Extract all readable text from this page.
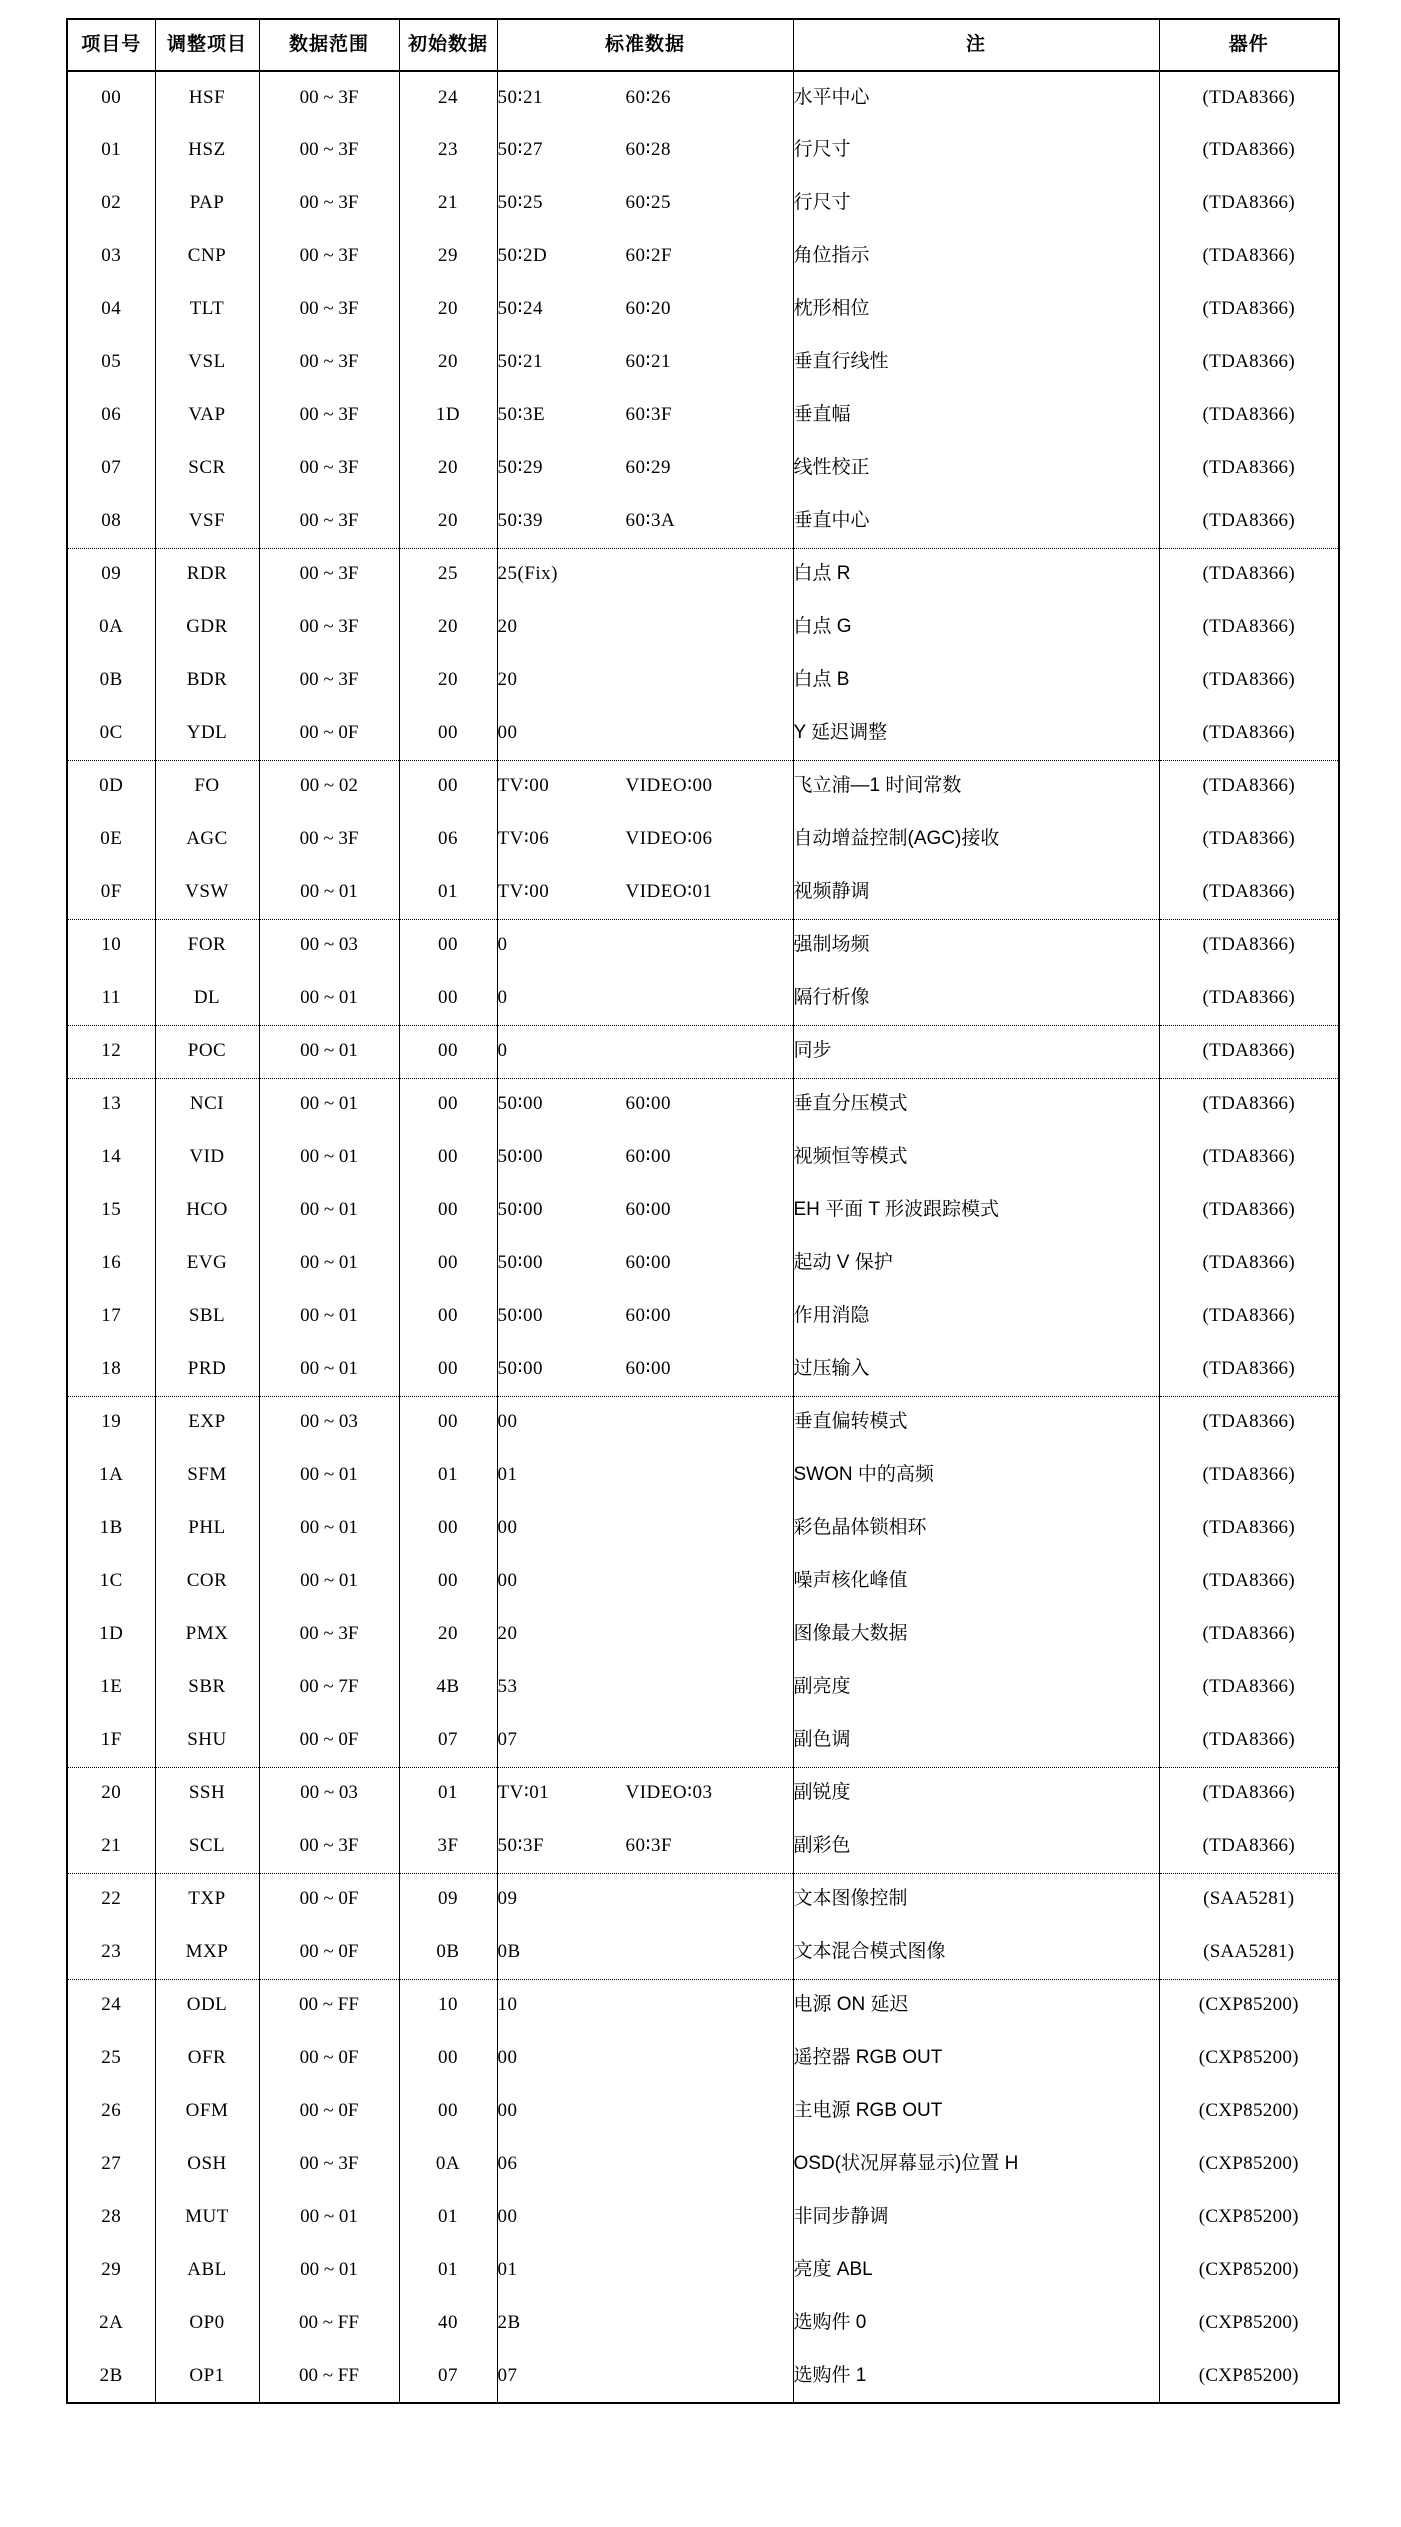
项目号	调整项目	数据范围	初始数据	标准数据	注	器件
00	HSF	00 ~ 3F	24	50∶21 60∶26	水平中心	(TDA8366)
01	HSZ	00 ~ 3F	23	50∶27 60∶28	行尺寸	(TDA8366)
02	PAP	00 ~ 3F	21	50∶25 60∶25	行尺寸	(TDA8366)
03	CNP	00 ~ 3F	29	50∶2D 60∶2F	角位指示	(TDA8366)
04	TLT	00 ~ 3F	20	50∶24 60∶20	枕形相位	(TDA8366)
05	VSL	00 ~ 3F	20	50∶21 60∶21	垂直行线性	(TDA8366)
06	VAP	00 ~ 3F	1D	50∶3E 60∶3F	垂直幅	(TDA8366)
07	SCR	00 ~ 3F	20	50∶29 60∶29	线性校正	(TDA8366)
08	VSF	00 ~ 3F	20	50∶39 60∶3A	垂直中心	(TDA8366)
09	RDR	00 ~ 3F	25	25(Fix)	白点 R	(TDA8366)
0A	GDR	00 ~ 3F	20	20	白点 G	(TDA8366)
0B	BDR	00 ~ 3F	20	20	白点 B	(TDA8366)
0C	YDL	00 ~ 0F	00	00	Y 延迟调整	(TDA8366)
0D	FO	00 ~ 02	00	TV∶00 VIDEO∶00	飞立浦—1 时间常数	(TDA8366)
0E	AGC	00 ~ 3F	06	TV∶06 VIDEO∶06	自动增益控制(AGC)接收	(TDA8366)
0F	VSW	00 ~ 01	01	TV∶00 VIDEO∶01	视频静调	(TDA8366)
10	FOR	00 ~ 03	00	0	强制场频	(TDA8366)
11	DL	00 ~ 01	00	0	隔行析像	(TDA8366)
12	POC	00 ~ 01	00	0	同步	(TDA8366)
13	NCI	00 ~ 01	00	50∶00 60∶00	垂直分压模式	(TDA8366)
14	VID	00 ~ 01	00	50∶00 60∶00	视频恒等模式	(TDA8366)
15	HCO	00 ~ 01	00	50∶00 60∶00	EH 平面 T 形波跟踪模式	(TDA8366)
16	EVG	00 ~ 01	00	50∶00 60∶00	起动 V 保护	(TDA8366)
17	SBL	00 ~ 01	00	50∶00 60∶00	作用消隐	(TDA8366)
18	PRD	00 ~ 01	00	50∶00 60∶00	过压输入	(TDA8366)
19	EXP	00 ~ 03	00	00	垂直偏转模式	(TDA8366)
1A	SFM	00 ~ 01	01	01	SWON 中的高频	(TDA8366)
1B	PHL	00 ~ 01	00	00	彩色晶体锁相环	(TDA8366)
1C	COR	00 ~ 01	00	00	噪声核化峰值	(TDA8366)
1D	PMX	00 ~ 3F	20	20	图像最大数据	(TDA8366)
1E	SBR	00 ~ 7F	4B	53	副亮度	(TDA8366)
1F	SHU	00 ~ 0F	07	07	副色调	(TDA8366)
20	SSH	00 ~ 03	01	TV∶01 VIDEO∶03	副锐度	(TDA8366)
21	SCL	00 ~ 3F	3F	50∶3F 60∶3F	副彩色	(TDA8366)
22	TXP	00 ~ 0F	09	09	文本图像控制	(SAA5281)
23	MXP	00 ~ 0F	0B	0B	文本混合模式图像	(SAA5281)
24	ODL	00 ~ FF	10	10	电源 ON 延迟	(CXP85200)
25	OFR	00 ~ 0F	00	00	遥控器 RGB OUT	(CXP85200)
26	OFM	00 ~ 0F	00	00	主电源 RGB OUT	(CXP85200)
27	OSH	00 ~ 3F	0A	06	OSD(状况屏幕显示)位置 H	(CXP85200)
28	MUT	00 ~ 01	01	00	非同步静调	(CXP85200)
29	ABL	00 ~ 01	01	01	亮度 ABL	(CXP85200)
2A	OP0	00 ~ FF	40	2B	选购件 0	(CXP85200)
2B	OP1	00 ~ FF	07	07	选购件 1	(CXP85200)
